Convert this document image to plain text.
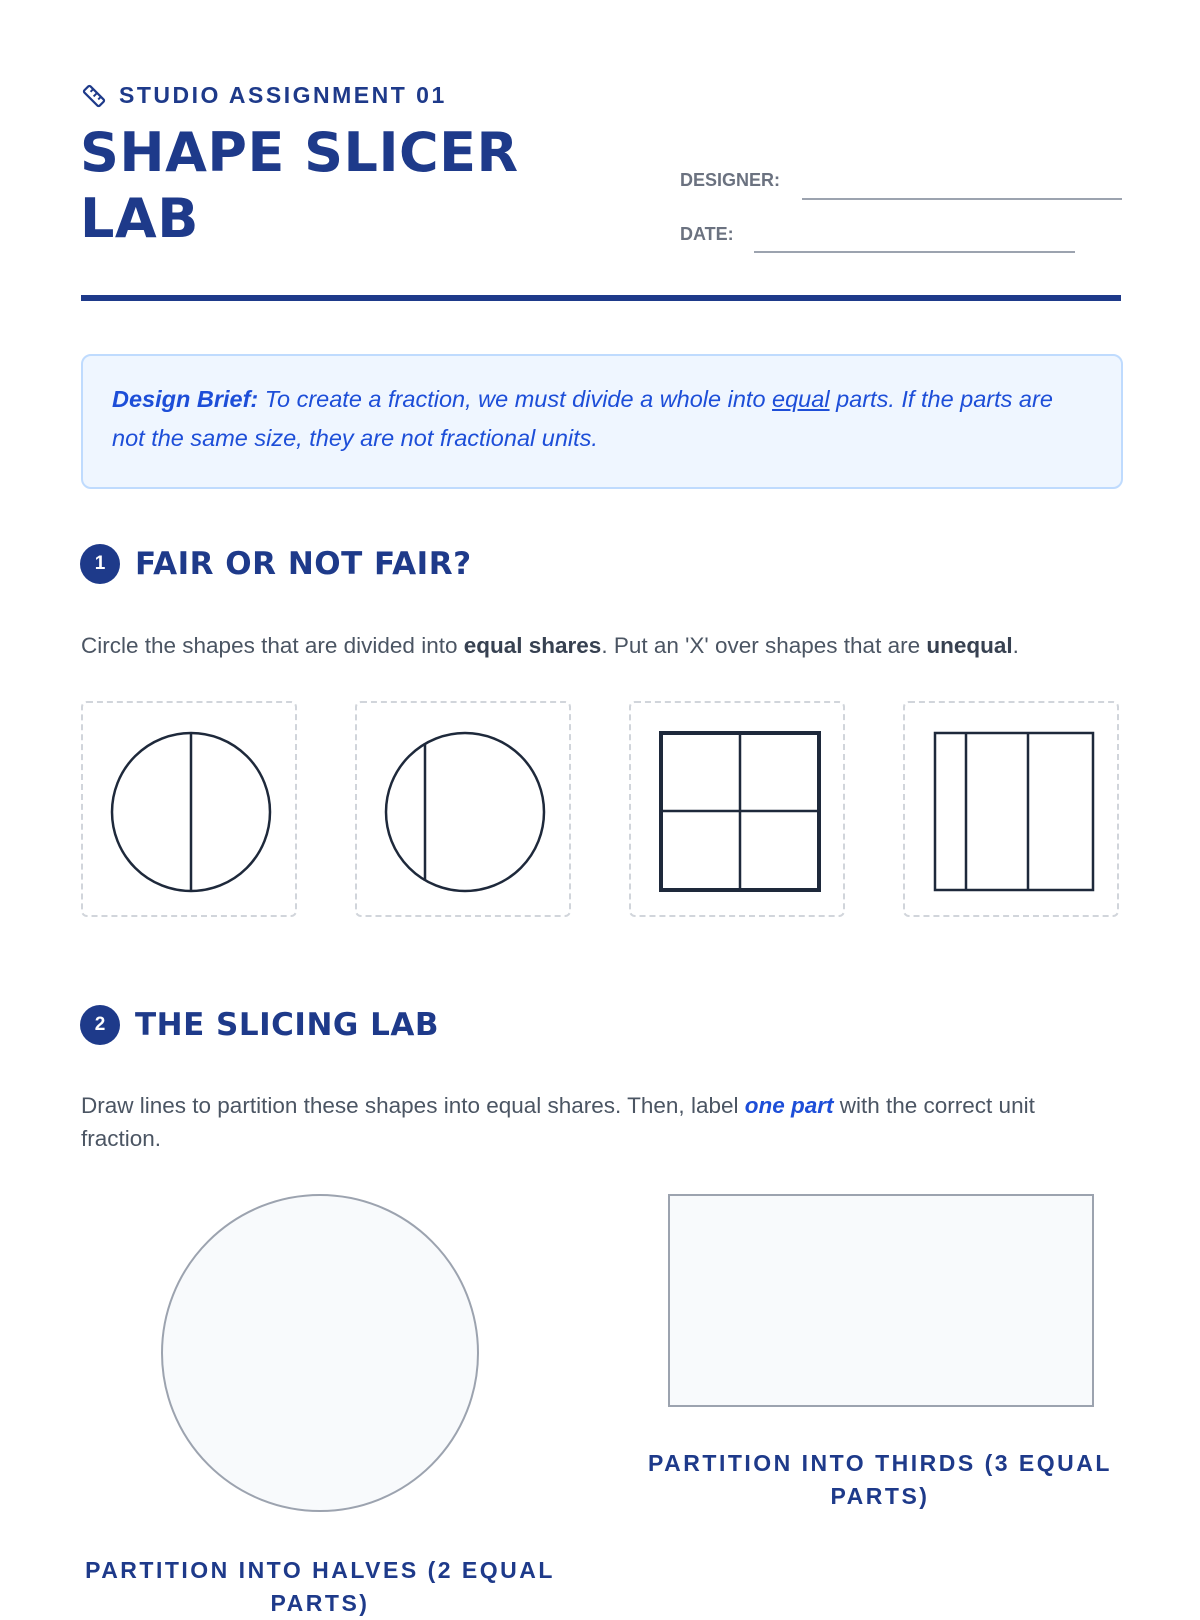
STUDIO ASSIGNMENT 01
SHAPE SLICER LAB
DESIGNER:
DATE:
Design Brief: To create a fraction, we must divide a whole into equal parts. If the parts are not the same size, they are not fractional units.
1 FAIR OR NOT FAIR?
Circle the shapes that are divided into equal shares. Put an 'X' over shapes that are unequal.
2 THE SLICING LAB
Draw lines to partition these shapes into equal shares. Then, label one part with the correct unit fraction.
PARTITION INTO THIRDS (3 EQUAL PARTS)
PARTITION INTO HALVES (2 EQUAL PARTS)
